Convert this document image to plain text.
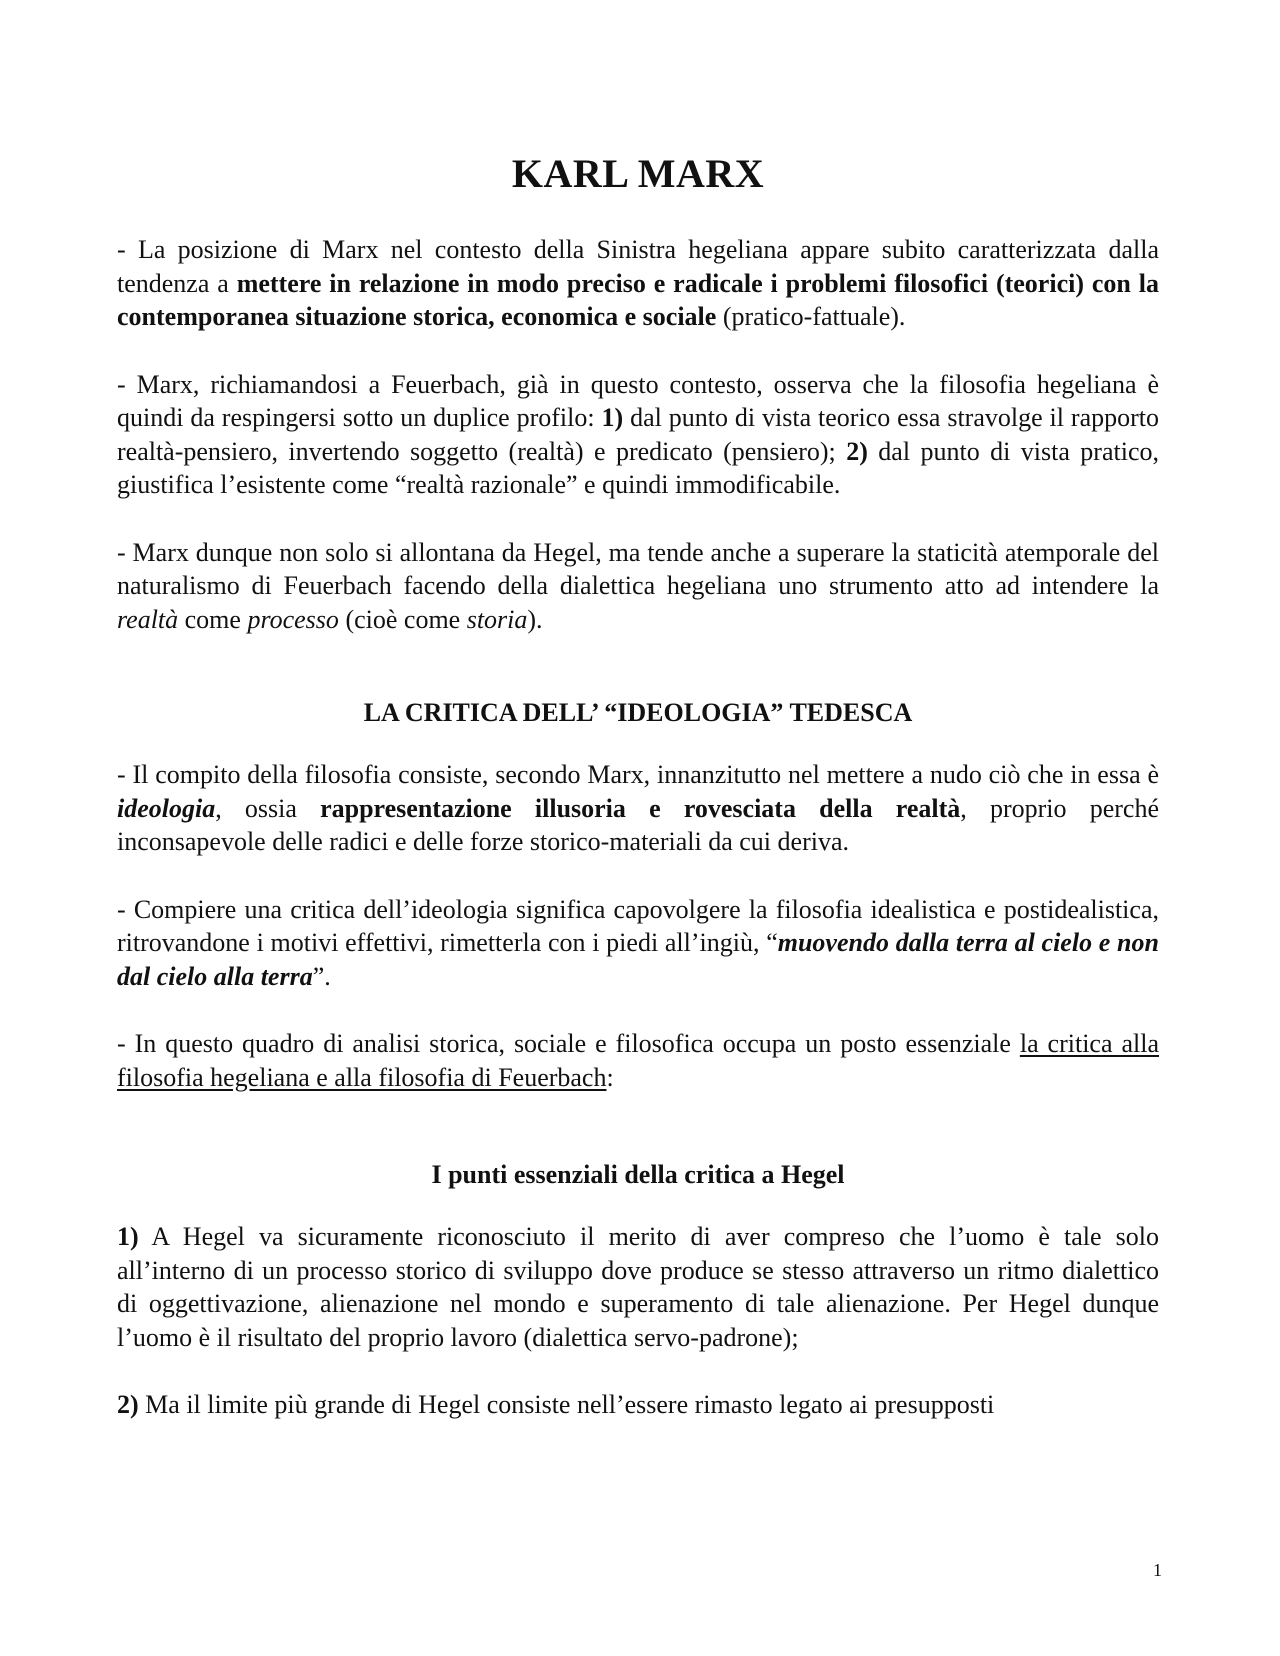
KARL MARX

- La posizione di Marx nel contesto della Sinistra hegeliana appare subito caratterizzata dalla tendenza a mettere in relazione in modo preciso e radicale i problemi filosofici (teorici) con la contemporanea situazione storica, economica e sociale (pratico-fattuale).

- Marx, richiamandosi a Feuerbach, già in questo contesto, osserva che la filosofia hegeliana è quindi da respingersi sotto un duplice profilo: 1) dal punto di vista teorico essa stravolge il rapporto realtà-pensiero, invertendo soggetto (realtà) e predicato (pensiero); 2) dal punto di vista pratico, giustifica l’esistente come “realtà razionale” e quindi immodificabile.

- Marx dunque non solo si allontana da Hegel, ma tende anche a superare la staticità atemporale del naturalismo di Feuerbach facendo della dialettica hegeliana uno strumento atto ad intendere la realtà come processo (cioè come storia).

LA CRITICA DELL’ “IDEOLOGIA” TEDESCA

- Il compito della filosofia consiste, secondo Marx, innanzitutto nel mettere a nudo ciò che in essa è ideologia, ossia rappresentazione illusoria e rovesciata della realtà, proprio perché inconsapevole delle radici e delle forze storico-materiali da cui deriva.

- Compiere una critica dell’ideologia significa capovolgere la filosofia idealistica e postidealistica, ritrovandone i motivi effettivi, rimetterla con i piedi all’ingiù, “muovendo dalla terra al cielo e non dal cielo alla terra”.

- In questo quadro di analisi storica, sociale e filosofica occupa un posto essenziale la critica alla filosofia hegeliana e alla filosofia di Feuerbach:

I punti essenziali della critica a Hegel

1) A Hegel va sicuramente riconosciuto il merito di aver compreso che l’uomo è tale solo all’interno di un processo storico di sviluppo dove produce se stesso attraverso un ritmo dialettico di oggettivazione, alienazione nel mondo e superamento di tale alienazione. Per Hegel dunque l’uomo è il risultato del proprio lavoro (dialettica servo-padrone);

2) Ma il limite più grande di Hegel consiste nell’essere rimasto legato ai presupposti

1
